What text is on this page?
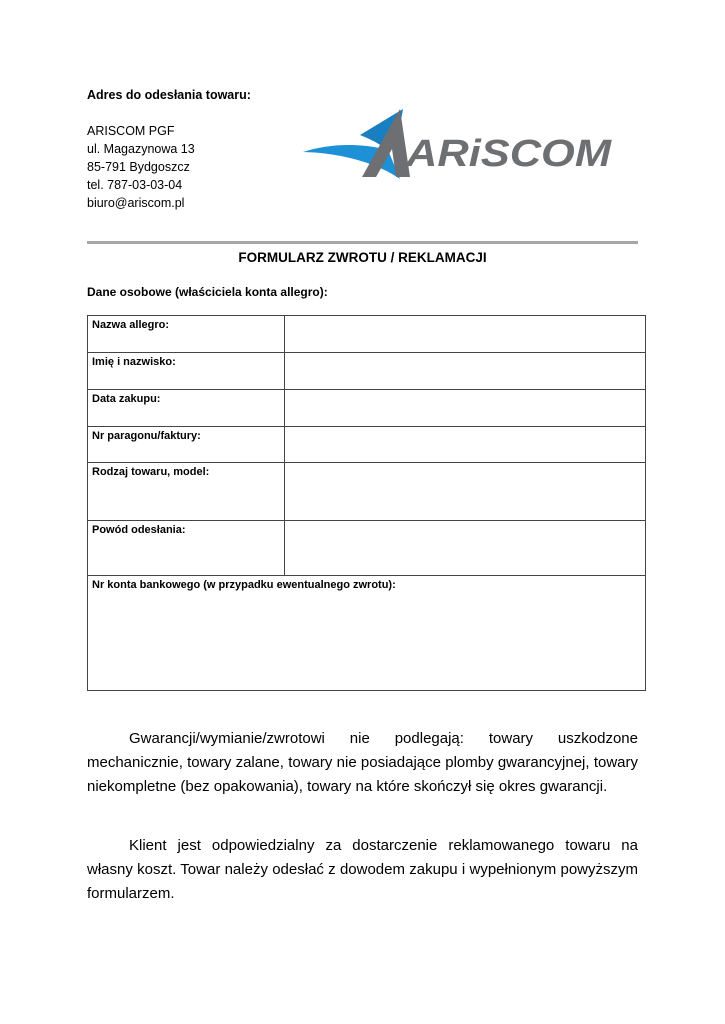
Adres do odesłania towaru:
ARISCOM PGF
ul. Magazynowa 13
85-791 Bydgoszcz
tel. 787-03-03-04
biuro@ariscom.pl
ARiSCOM
FORMULARZ ZWROTU / REKLAMACJI
Dane osobowe (właściciela konta allegro):
Nazwa allegro:	
Imię i nazwisko:	
Data zakupu:	
Nr paragonu/faktury:	
Rodzaj towaru, model:	
Powód odesłania:	
Nr konta bankowego (w przypadku ewentualnego zwrotu):	
Gwarancji/wymianie/zwrotowi nie podlegają: towary uszkodzone mechanicznie, towary zalane, towary nie posiadające plomby gwarancyjnej, towary niekompletne (bez opakowania), towary na które skończył się okres gwarancji.
Klient jest odpowiedzialny za dostarczenie reklamowanego towaru na własny koszt. Towar należy odesłać z dowodem zakupu i wypełnionym powyższym formularzem.
